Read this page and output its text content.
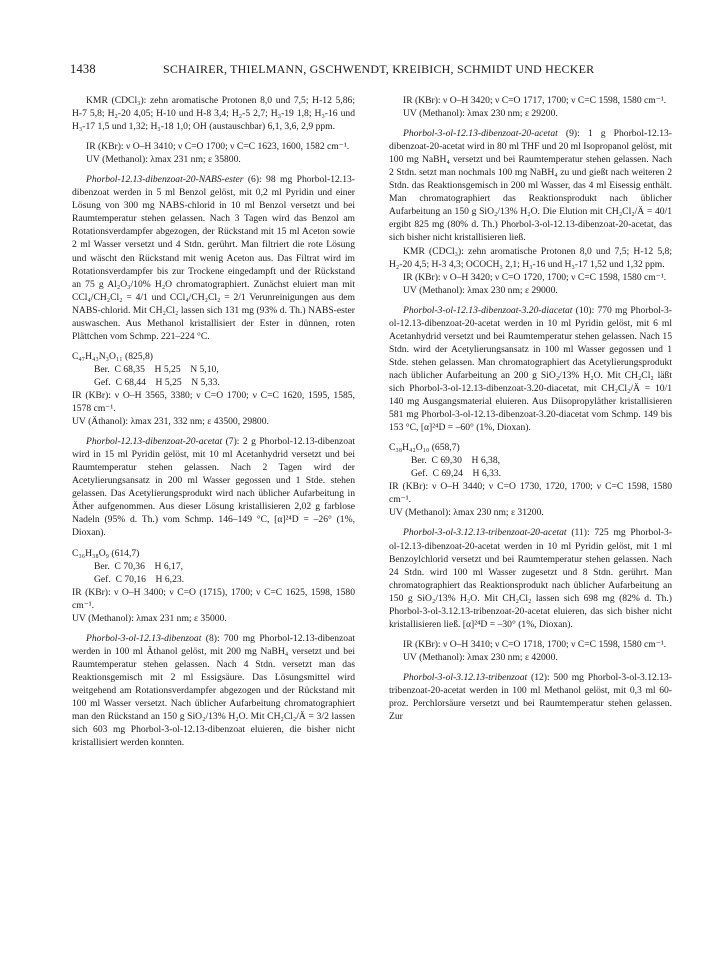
1438	SCHAIRER, THIELMANN, GSCHWENDT, KREIBICH, SCHMIDT UND HECKER

KMR (CDCl₃): zehn aromatische Protonen 8,0 und 7,5; H-12 5,86; H-7 5,8; H₂-20 4,05; H-10 und H-8 3,4; H₂-5 2,7; H₃-19 1,8; H₃-16 und H₃-17 1,5 und 1,32; H₃-18 1,0; OH (austauschbar) 6,1, 3,6, 2,9 ppm.

IR (KBr): ν O–H 3410; ν C=O 1700; ν C=C 1623, 1600, 1582 cm⁻¹.

UV (Methanol): λmax 231 nm; ε 35800.

Phorbol-12.13-dibenzoat-20-NABS-ester (6): 98 mg Phorbol-12.13-dibenzoat werden in 5 ml Benzol gelöst, mit 0,2 ml Pyridin und einer Lösung von 300 mg NABS-chlorid in 10 ml Benzol versetzt und bei Raumtemperatur stehen gelassen. Nach 3 Tagen wird das Benzol am Rotationsverdampfer abgezogen, der Rückstand mit 15 ml Aceton sowie 2 ml Wasser versetzt und 4 Stdn. gerührt. Man filtriert die rote Lösung und wäscht den Rückstand mit wenig Aceton aus. Das Filtrat wird im Rotationsverdampfer bis zur Trockene eingedampft und der Rückstand an 75 g Al₂O₃/10% H₂O chromatographiert. Zunächst eluiert man mit CCl₄/CH₂Cl₂ = 4/1 und CCl₄/CH₂Cl₂ = 2/1 Verunreinigungen aus dem NABS-chlorid. Mit CH₂Cl₂ lassen sich 131 mg (93% d. Th.) NABS-ester auswaschen. Aus Methanol kristallisiert der Ester in dünnen, roten Plättchen vom Schmp. 221–224 °C.

C₄₇H₄₃N₃O₁₁ (825,8)

Ber.  C 68,35    H 5,25    N 5,10,
Gef.  C 68,44    H 5,25    N 5,33.

IR (KBr): ν O–H 3565, 3380; ν C=O 1700; ν C=C 1620, 1595, 1585, 1578 cm⁻¹.

UV (Äthanol): λmax 231, 332 nm; ε 43500, 29800.

Phorbol-12.13-dibenzoat-20-acetat (7): 2 g Phorbol-12.13-dibenzoat wird in 15 ml Pyridin gelöst, mit 10 ml Acetanhydrid versetzt und bei Raumtemperatur stehen gelassen. Nach 2 Tagen wird der Acetylierungsansatz in 200 ml Wasser gegossen und 1 Stde. stehen gelassen. Das Acetylierungsprodukt wird nach üblicher Aufarbeitung in Äther aufgenommen. Aus dieser Lösung kristallisieren 2,02 g farblose Nadeln (95% d. Th.) vom Schmp. 146–149 °C, [α]²⁴D = –26° (1%, Dioxan).

C₃₆H₃₈O₉ (614,7)

Ber.  C 70,36    H 6,17,
Gef.  C 70,16    H 6,23.

IR (KBr): ν O–H 3400; ν C=O (1715), 1700; ν C=C 1625, 1598, 1580 cm⁻¹.

UV (Methanol): λmax 231 nm; ε 35000.

Phorbol-3-ol-12.13-dibenzoat (8): 700 mg Phorbol-12.13-dibenzoat werden in 100 ml Äthanol gelöst, mit 200 mg NaBH₄ versetzt und bei Raumtemperatur stehen gelassen. Nach 4 Stdn. versetzt man das Reaktionsgemisch mit 2 ml Essigsäure. Das Lösungsmittel wird weitgehend am Rotationsverdampfer abgezogen und der Rückstand mit 100 ml Wasser versetzt. Nach üblicher Aufarbeitung chromatographiert man den Rückstand an 150 g SiO₂/13% H₂O. Mit CH₂Cl₂/Ä = 3/2 lassen sich 603 mg Phorbol-3-ol-12.13-dibenzoat eluieren, die bisher nicht kristallisiert werden konnten.

IR (KBr): ν O–H 3420; ν C=O 1717, 1700; ν C=C 1598, 1580 cm⁻¹.

UV (Methanol): λmax 230 nm; ε 29200.

Phorbol-3-ol-12.13-dibenzoat-20-acetat (9): 1 g Phorbol-12.13-dibenzoat-20-acetat wird in 80 ml THF und 20 ml Isopropanol gelöst, mit 100 mg NaBH₄ versetzt und bei Raumtemperatur stehen gelassen. Nach 2 Stdn. setzt man nochmals 100 mg NaBH₄ zu und gießt nach weiteren 2 Stdn. das Reaktionsgemisch in 200 ml Wasser, das 4 ml Eisessig enthält. Man chromatographiert das Reaktionsprodukt nach üblicher Aufarbeitung an 150 g SiO₂/13% H₂O. Die Elution mit CH₂Cl₂/Ä = 40/1 ergibt 825 mg (80% d. Th.) Phorbol-3-ol-12.13-dibenzoat-20-acetat, das sich bisher nicht kristallisieren ließ.

KMR (CDCl₃): zehn aromatische Protonen 8,0 und 7,5; H-12 5,8; H₂-20 4,5; H-3 4,3; OCOCH₃ 2,1; H₃-16 und H₃-17 1,52 und 1,32 ppm.

IR (KBr): ν O–H 3420; ν C=O 1720, 1700; ν C=C 1598, 1580 cm⁻¹.

UV (Methanol): λmax 230 nm; ε 29000.

Phorbol-3-ol-12.13-dibenzoat-3.20-diacetat (10): 770 mg Phorbol-3-ol-12.13-dibenzoat-20-acetat werden in 10 ml Pyridin gelöst, mit 6 ml Acetanhydrid versetzt und bei Raumtemperatur stehen gelassen. Nach 15 Stdn. wird der Acetylierungsansatz in 100 ml Wasser gegossen und 1 Stde. stehen gelassen. Man chromatographiert das Acetylierungsprodukt nach üblicher Aufarbeitung an 200 g SiO₂/13% H₂O. Mit CH₂Cl₂ läßt sich Phorbol-3-ol-12.13-dibenzoat-3.20-diacetat, mit CH₂Cl₂/Ä = 10/1 140 mg Ausgangsmaterial eluieren. Aus Diisopropyläther kristallisieren 581 mg Phorbol-3-ol-12.13-dibenzoat-3.20-diacetat vom Schmp. 149 bis 153 °C, [α]²⁴D = –60° (1%, Dioxan).

C₃₈H₄₂O₁₀ (658,7)

Ber.  C 69,30    H 6,38,
Gef.  C 69,24    H 6,33.

IR (KBr): ν O–H 3440; ν C=O 1730, 1720, 1700; ν C=C 1598, 1580 cm⁻¹.

UV (Methanol): λmax 230 nm; ε 31200.

Phorbol-3-ol-3.12.13-tribenzoat-20-acetat (11): 725 mg Phorbol-3-ol-12.13-dibenzoat-20-acetat werden in 10 ml Pyridin gelöst, mit 1 ml Benzoylchlorid versetzt und bei Raumtemperatur stehen gelassen. Nach 24 Stdn. wird 100 ml Wasser zugesetzt und 8 Stdn. gerührt. Man chromatographiert das Reaktionsprodukt nach üblicher Aufarbeitung an 150 g SiO₂/13% H₂O. Mit CH₂Cl₂ lassen sich 698 mg (82% d. Th.) Phorbol-3-ol-3.12.13-tribenzoat-20-acetat eluieren, das sich bisher nicht kristallisieren ließ. [α]²⁴D = –30° (1%, Dioxan).

IR (KBr): ν O–H 3410; ν C=O 1718, 1700; ν C=C 1598, 1580 cm⁻¹.

UV (Methanol): λmax 230 nm; ε 42000.

Phorbol-3-ol-3.12.13-tribenzoat (12): 500 mg Phorbol-3-ol-3.12.13-tribenzoat-20-acetat werden in 100 ml Methanol gelöst, mit 0,3 ml 60-proz. Perchlorsäure versetzt und bei Raumtemperatur stehen gelassen. Zur
